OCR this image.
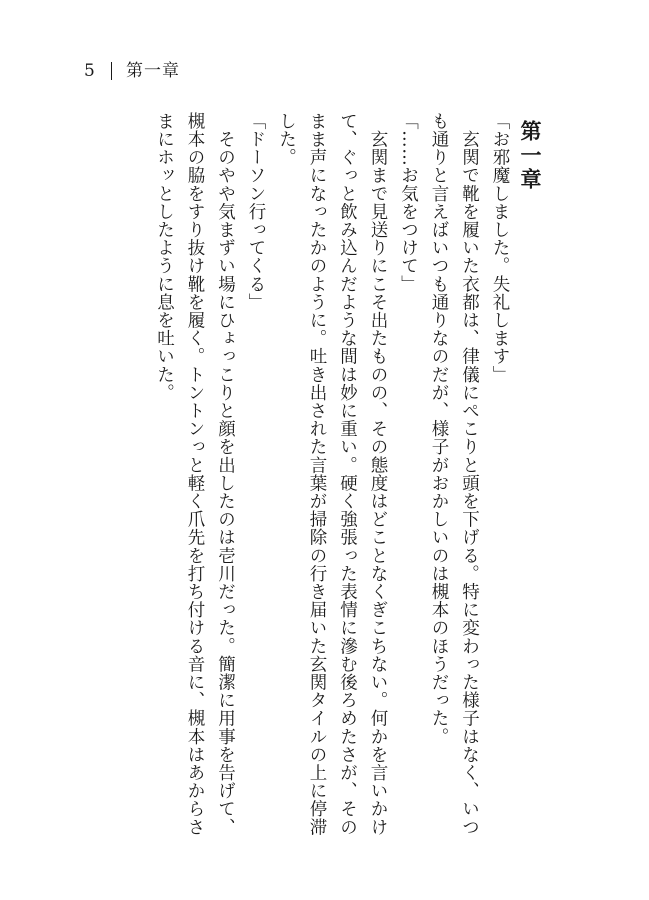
5 第一章
第一章

「お邪魔しました。失礼します」

　玄関で靴を履いた衣都は、律儀にぺこりと頭を下げる。特に変わった様子はなく、いつも通りと言えばいつも通りなのだが、様子がおかしいのは槻本のほうだった。

「……お気をつけて」

　玄関まで見送りにこそ出たものの、その態度はどことなくぎこちない。何かを言いかけて、ぐっと飲み込んだような間は妙に重い。硬く強張った表情に滲む後ろめたさが、そのまま声になったかのように。吐き出された言葉が掃除の行き届いた玄関タイルの上に停滞した。

「ドーソン行ってくる」

　そのやや気まずい場にひょっこりと顔を出したのは壱川だった。簡潔に用事を告げて、槻本の脇をすり抜け靴を履く。トントンっと軽く爪先を打ち付ける音に、槻本はあからさまにホッとしたように息を吐いた。
